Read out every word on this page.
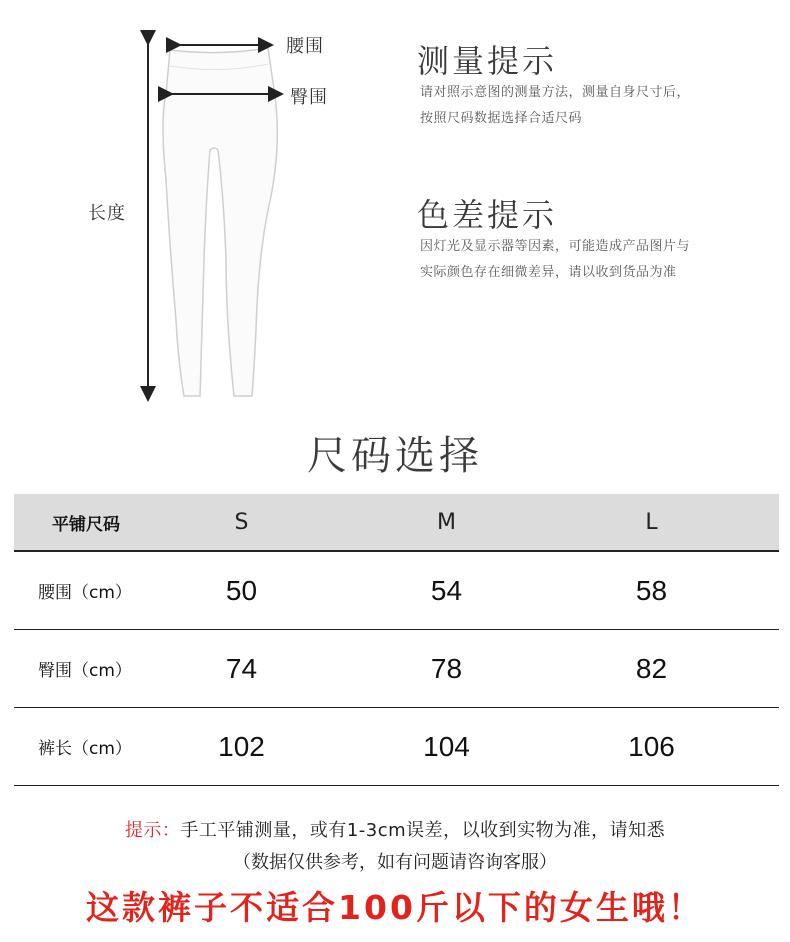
腰围
臀围
长度
测量提示
请对照示意图的测量方法，测量自身尺寸后，
按照尺码数据选择合适尺码
色差提示
因灯光及显示器等因素，可能造成产品图片与
实际颜色存在细微差异，请以收到货品为准
尺码选择
平铺尺码	S	M	L
腰围（cm）	50	54	58
臀围（cm）	74	78	82
裤长（cm）	102	104	106
提示：手工平铺测量，或有1-3cm误差，以收到实物为准，请知悉
（数据仅供参考，如有问题请咨询客服）
这款裤子不适合100斤以下的女生哦！
